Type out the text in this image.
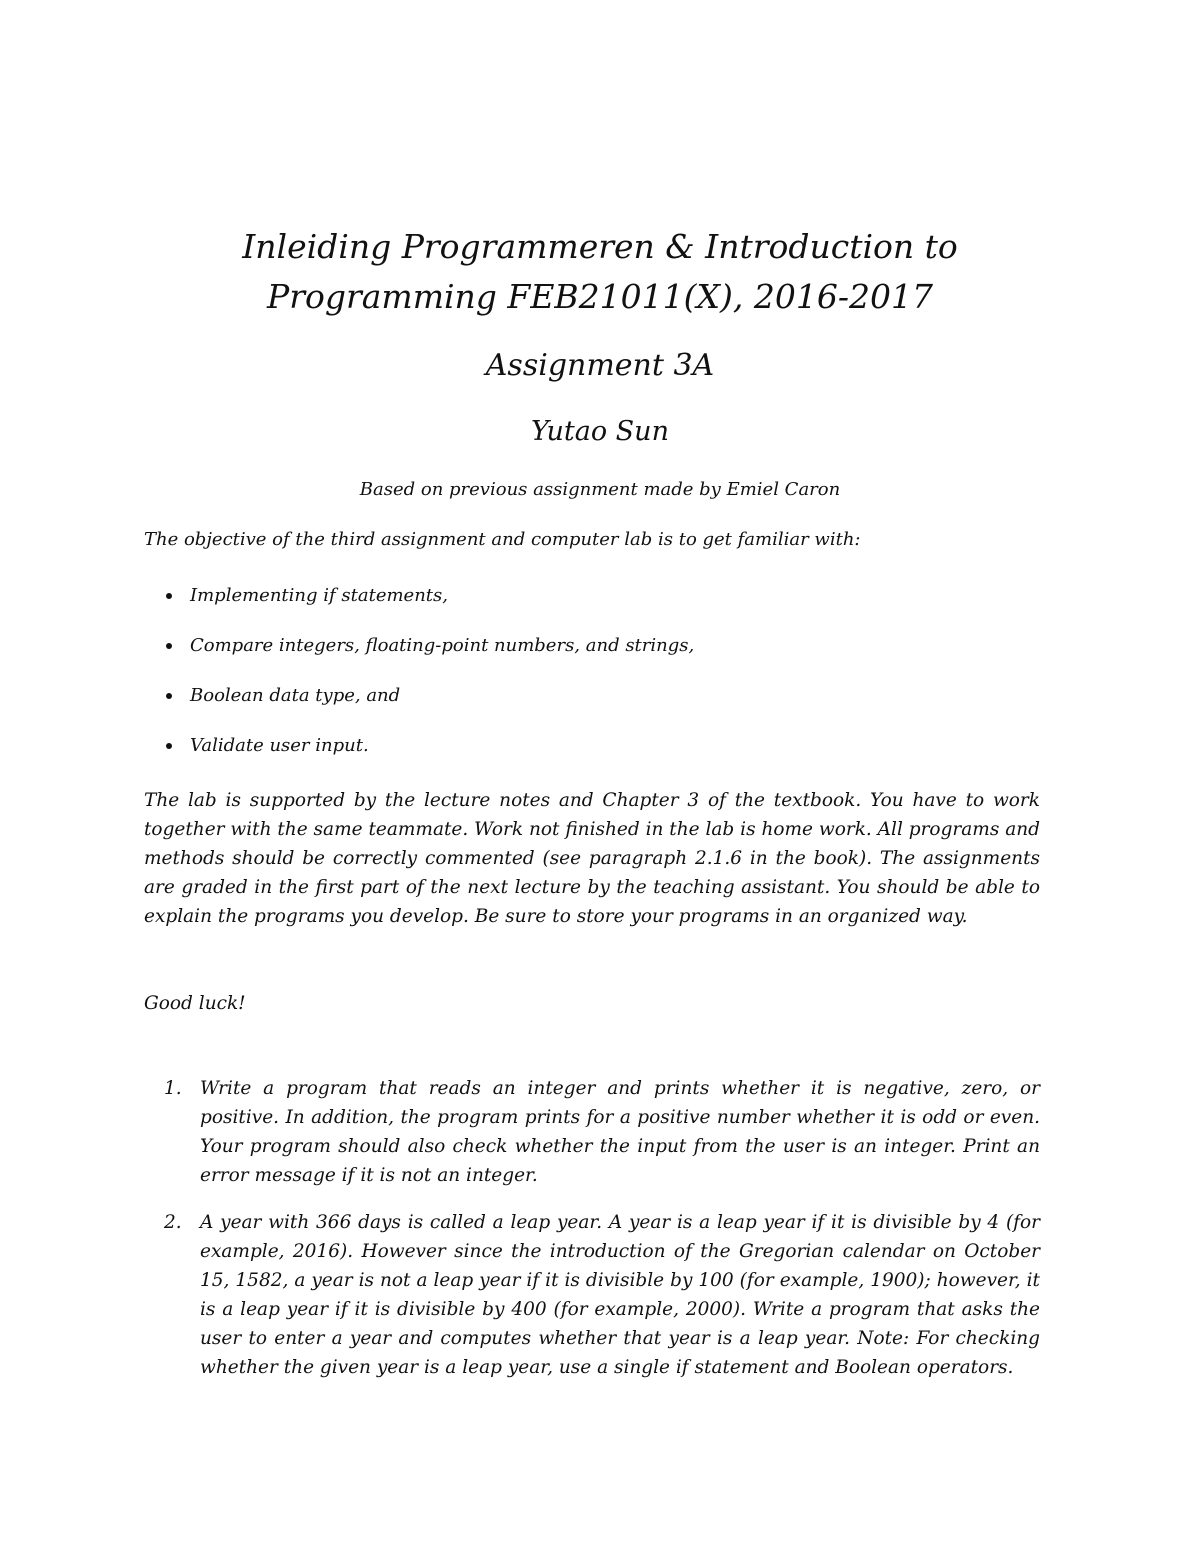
Inleiding Programmeren & Introduction to
Programming FEB21011(X), 2016-2017
Assignment 3A

Yutao Sun

Based on previous assignment made by Emiel Caron

The objective of the third assignment and computer lab is to get familiar with:

Implementing if statements,
Compare integers, floating-point numbers, and strings,
Boolean data type, and
Validate user input.

The lab is supported by the lecture notes and Chapter 3 of the textbook. You have to work together with the same teammate. Work not finished in the lab is home work. All programs and methods should be correctly commented (see paragraph 2.1.6 in the book). The assignments are graded in the first part of the next lecture by the teaching assistant. You should be able to explain the programs you develop. Be sure to store your programs in an organized way.

Good luck!

1. Write a program that reads an integer and prints whether it is negative, zero, or positive. In addition, the program prints for a positive number whether it is odd or even. Your program should also check whether the input from the user is an integer. Print an error message if it is not an integer.
2. A year with 366 days is called a leap year. A year is a leap year if it is divisible by 4 (for example, 2016). However since the introduction of the Gregorian calendar on October 15, 1582, a year is not a leap year if it is divisible by 100 (for example, 1900); however, it is a leap year if it is divisible by 400 (for example, 2000). Write a program that asks the user to enter a year and computes whether that year is a leap year. Note: For checking whether the given year is a leap year, use a single if statement and Boolean operators.
